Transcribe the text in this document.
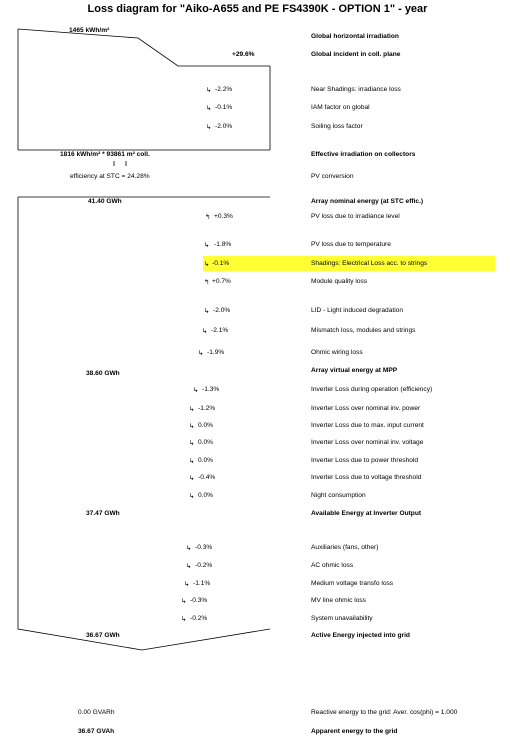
Loss diagram for "Aiko-A655 and PE FS4390K - OPTION 1" - year
1465 kWh/m²
1816 kWh/m² * 93861 m² coll.
efficiency at STC = 24.28%
41.40 GWh
38.60 GWh
37.47 GWh
36.67 GWh
0.00 GVARh
36.67 GVAh
Global horizontal irradiation
Global incident in coll. plane
Near Shadings: irradiance loss
IAM factor on global
Soiling loss factor
Effective irradiation on collectors
PV conversion
Array nominal energy (at STC effic.)
PV loss due to irradiance level
PV loss due to temperature
Shadings: Electrical Loss acc. to strings
Module quality loss
LID - Light induced degradation
Mismatch loss, modules and strings
Ohmic wiring loss
Array virtual energy at MPP
Inverter Loss during operation (efficiency)
Inverter Loss over nominal inv. power
Inverter Loss due to max. input current
Inverter Loss over nominal inv. voltage
Inverter Loss due to power threshold
Inverter Loss due to voltage threshold
Night consumption
Available Energy at Inverter Output
Auxiliaries (fans, other)
AC ohmic loss
Medium voltage transfo loss
MV line ohmic loss
System unavailability
Active Energy injected into grid
Reactive energy to the grid: Aver. cos(phi) = 1.000
Apparent energy to the grid
+29.6%
↳ -2.2%
↳ -0.1%
↳ -2.0%
↰ +0.3%
↳ -1.8%
↳ -0.1%
↰ +0.7%
↳ -2.0%
↳ -2.1%
↳ -1.9%
↳ -1.3%
↳ -1.2%
↳ 0.0%
↳ 0.0%
↳ 0.0%
↳ -0.4%
↳ 0.0%
↳ -0.3%
↳ -0.2%
↳ -1.1%
↳ -0.3%
↳ -0.2%
